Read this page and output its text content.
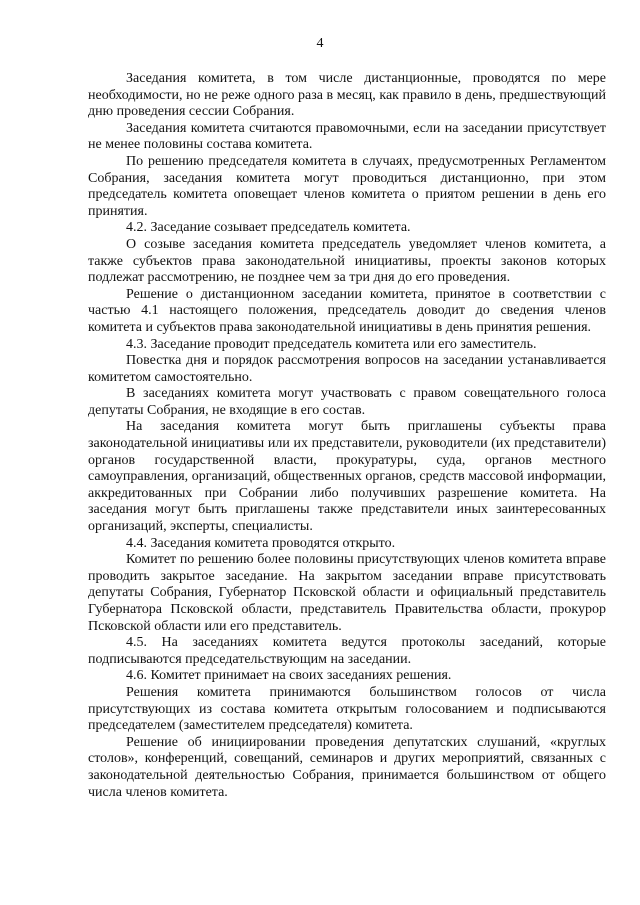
4

Заседания комитета, в том числе дистанционные, проводятся по мере необходимости, но не реже одного раза в месяц, как правило в день, предшествующий дню проведения сессии Собрания.

Заседания комитета считаются правомочными, если на заседании присутствует не менее половины состава комитета.

По решению председателя комитета в случаях, предусмотренных Регламентом Собрания, заседания комитета могут проводиться дистанционно, при этом председатель комитета оповещает членов комитета о приятом решении в день его принятия.

4.2. Заседание созывает председатель комитета.

О созыве заседания комитета председатель уведомляет членов комитета, а также субъектов права законодательной инициативы, проекты законов которых подлежат рассмотрению, не позднее чем за три дня до его проведения.

Решение о дистанционном заседании комитета, принятое в соответствии с частью 4.1 настоящего положения, председатель доводит до сведения членов комитета и субъектов права законодательной инициативы в день принятия решения.

4.3. Заседание проводит председатель комитета или его заместитель.

Повестка дня и порядок рассмотрения вопросов на заседании устанавливается комитетом самостоятельно.

В заседаниях комитета могут участвовать с правом совещательного голоса депутаты Собрания, не входящие в его состав.

На заседания комитета могут быть приглашены субъекты права законодательной инициативы или их представители, руководители (их представители) органов государственной власти, прокуратуры, суда, органов местного самоуправления, организаций, общественных органов, средств массовой информации, аккредитованных при Собрании либо получивших разрешение комитета. На заседания могут быть приглашены также представители иных заинтересованных организаций, эксперты, специалисты.

4.4. Заседания комитета проводятся открыто.

Комитет по решению более половины присутствующих членов комитета вправе проводить закрытое заседание. На закрытом заседании вправе присутствовать депутаты Собрания, Губернатор Псковской области и официальный представитель Губернатора Псковской области, представитель Правительства области, прокурор Псковской области или его представитель.

4.5. На заседаниях комитета ведутся протоколы заседаний, которые подписываются председательствующим на заседании.

4.6. Комитет принимает на своих заседаниях решения.

Решения комитета принимаются большинством голосов от числа присутствующих из состава комитета открытым голосованием и подписываются председателем (заместителем председателя) комитета.

Решение об инициировании проведения депутатских слушаний, «круглых столов», конференций, совещаний, семинаров и других мероприятий, связанных с законодательной деятельностью Собрания, принимается большинством от общего числа членов комитета.
